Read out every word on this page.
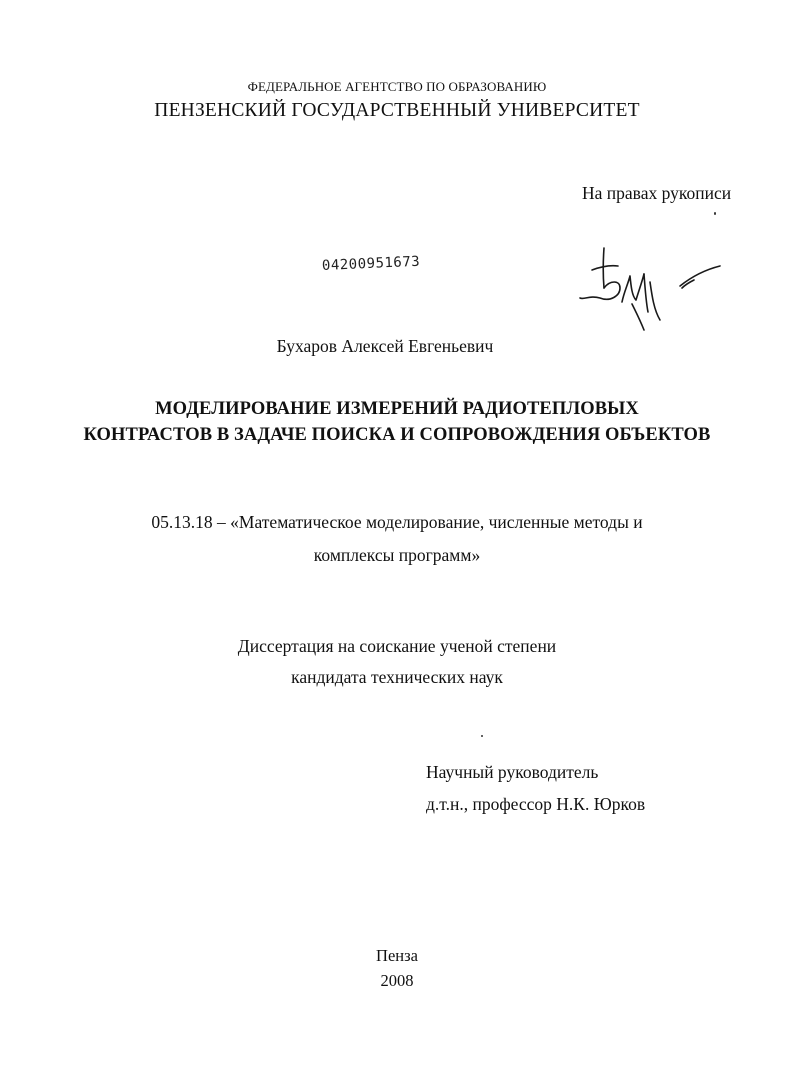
ФЕДЕРАЛЬНОЕ АГЕНТСТВО ПО ОБРАЗОВАНИЮ
ПЕНЗЕНСКИЙ ГОСУДАРСТВЕННЫЙ УНИВЕРСИТЕТ
На правах рукописи
04200951673
Бухаров Алексей Евгеньевич
МОДЕЛИРОВАНИЕ ИЗМЕРЕНИЙ РАДИОТЕПЛОВЫХ
КОНТРАСТОВ В ЗАДАЧЕ ПОИСКА И СОПРОВОЖДЕНИЯ ОБЪЕКТОВ
05.13.18 – «Математическое моделирование, численные методы и
комплексы программ»
Диссертация на соискание ученой степени
кандидата технических наук
Научный руководитель
д.т.н., профессор Н.К. Юрков
Пенза
2008
